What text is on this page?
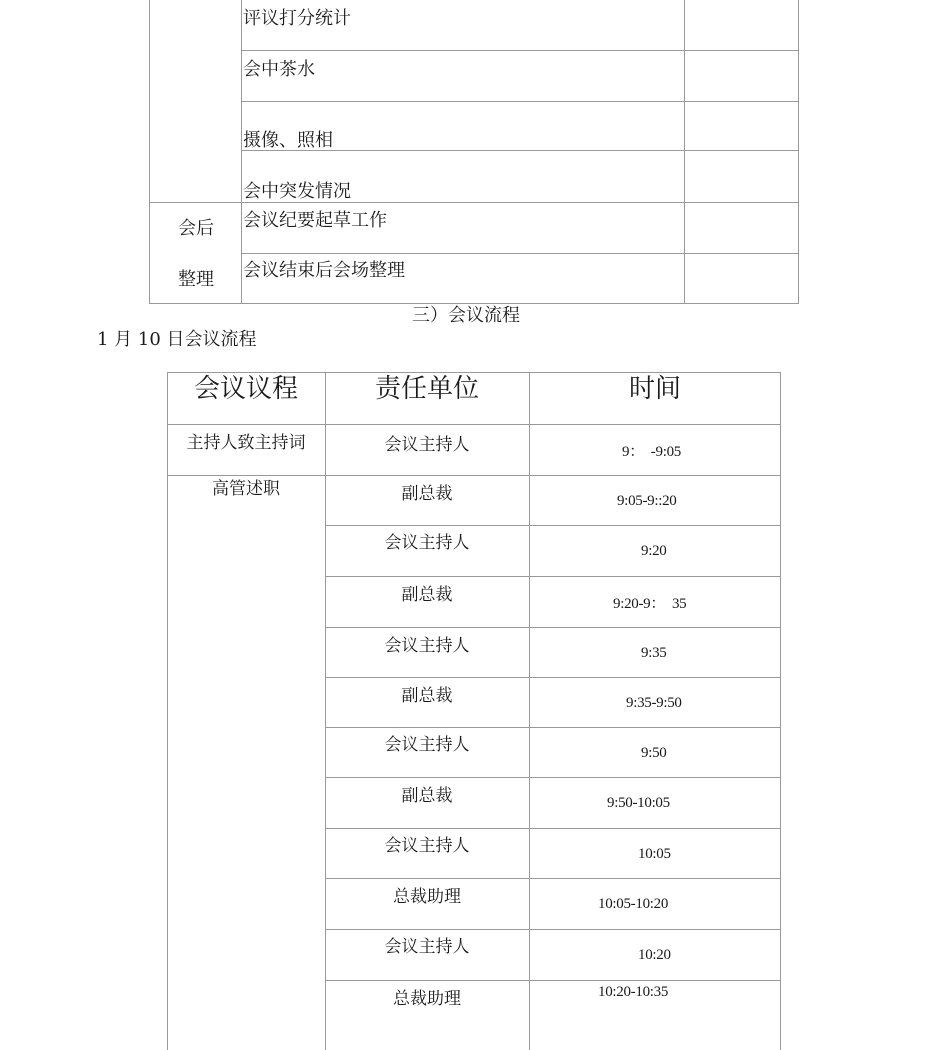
评议打分统计
会中茶水
摄像、照相
会中突发情况
会议纪要起草工作
会议结束后会场整理
会后
整理
三）会议流程
1 月 10 日会议流程
会议议程	责任单位	时间
主持人致主持词
高管述职
会议主持人
副总裁
会议主持人
副总裁
会议主持人
副总裁
会议主持人
副总裁
会议主持人
总裁助理
会议主持人
总裁助理
9：  -9:05
9:05-9::20
9:20
9:20-9：  35
9:35
9:35-9:50
9:50
9:50-10:05
10:05
10:05-10:20
10:20
10:20-10:35
